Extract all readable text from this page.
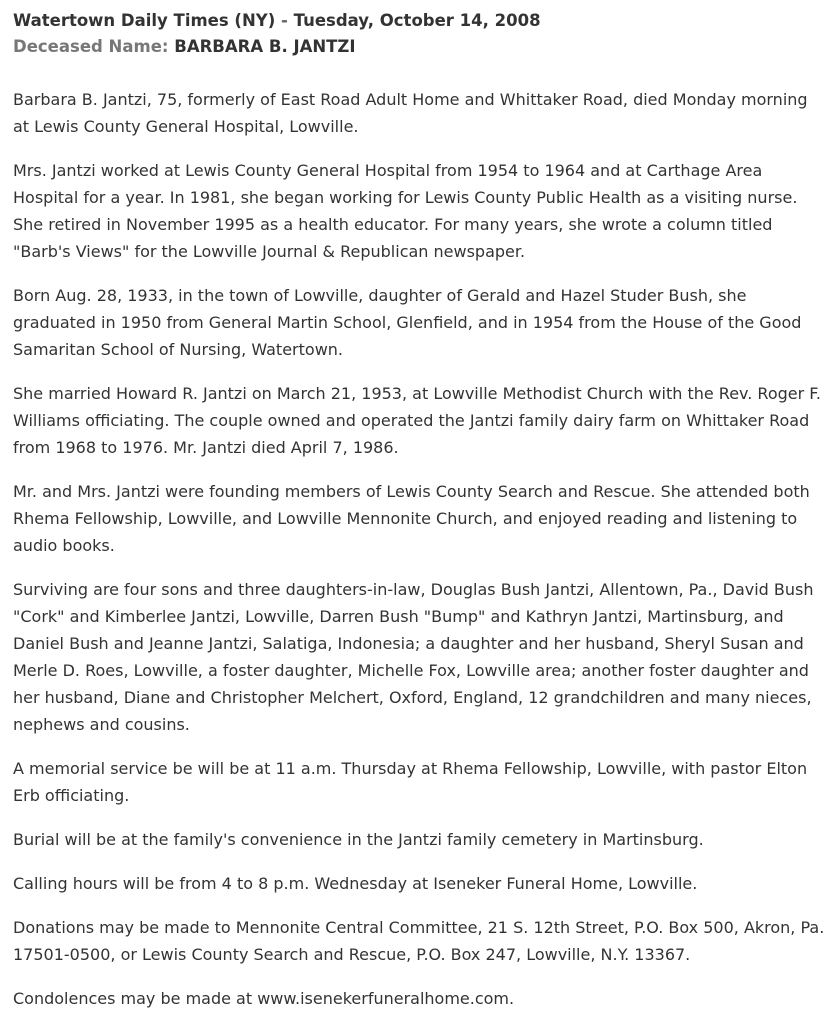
Watertown Daily Times (NY) - Tuesday, October 14, 2008
Deceased Name: BARBARA B. JANTZI

Barbara B. Jantzi, 75, formerly of East Road Adult Home and Whittaker Road, died Monday morning at Lewis County General Hospital, Lowville.

Mrs. Jantzi worked at Lewis County General Hospital from 1954 to 1964 and at Carthage Area Hospital for a year. In 1981, she began working for Lewis County Public Health as a visiting nurse. She retired in November 1995 as a health educator. For many years, she wrote a column titled "Barb's Views" for the Lowville Journal & Republican newspaper.

Born Aug. 28, 1933, in the town of Lowville, daughter of Gerald and Hazel Studer Bush, she graduated in 1950 from General Martin School, Glenfield, and in 1954 from the House of the Good Samaritan School of Nursing, Watertown.

She married Howard R. Jantzi on March 21, 1953, at Lowville Methodist Church with the Rev. Roger F. Williams officiating. The couple owned and operated the Jantzi family dairy farm on Whittaker Road from 1968 to 1976. Mr. Jantzi died April 7, 1986.

Mr. and Mrs. Jantzi were founding members of Lewis County Search and Rescue. She attended both Rhema Fellowship, Lowville, and Lowville Mennonite Church, and enjoyed reading and listening to audio books.

Surviving are four sons and three daughters-in-law, Douglas Bush Jantzi, Allentown, Pa., David Bush "Cork" and Kimberlee Jantzi, Lowville, Darren Bush "Bump" and Kathryn Jantzi, Martinsburg, and Daniel Bush and Jeanne Jantzi, Salatiga, Indonesia; a daughter and her husband, Sheryl Susan and Merle D. Roes, Lowville, a foster daughter, Michelle Fox, Lowville area; another foster daughter and her husband, Diane and Christopher Melchert, Oxford, England, 12 grandchildren and many nieces, nephews and cousins.

A memorial service be will be at 11 a.m. Thursday at Rhema Fellowship, Lowville, with pastor Elton Erb officiating.

Burial will be at the family's convenience in the Jantzi family cemetery in Martinsburg.

Calling hours will be from 4 to 8 p.m. Wednesday at Iseneker Funeral Home, Lowville.

Donations may be made to Mennonite Central Committee, 21 S. 12th Street, P.O. Box 500, Akron, Pa. 17501-0500, or Lewis County Search and Rescue, P.O. Box 247, Lowville, N.Y. 13367.

Condolences may be made at www.isenekerfuneralhome.com.
